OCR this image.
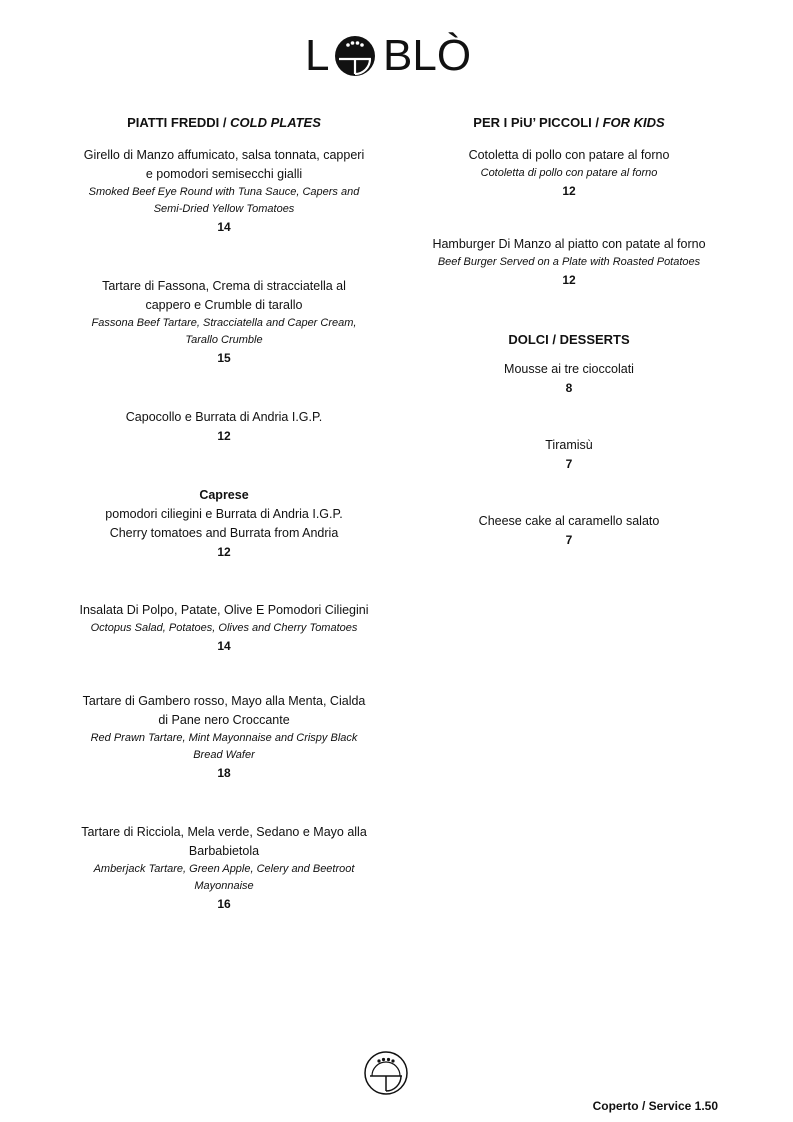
L BLÒ
PIATTI FREDDI / COLD PLATES
Girello di Manzo affumicato, salsa tonnata, capperi
e pomodori semisecchi gialli
Smoked Beef Eye Round with Tuna Sauce, Capers and
Semi-Dried Yellow Tomatoes
14
Tartare di Fassona, Crema di stracciatella al
cappero e Crumble di tarallo
Fassona Beef Tartare, Stracciatella and Caper Cream,
Tarallo Crumble
15
Capocollo e Burrata di Andria I.G.P.
12
Caprese
pomodori ciliegini e Burrata di Andria I.G.P.
Cherry tomatoes and Burrata from Andria
12
Insalata Di Polpo, Patate, Olive E Pomodori Ciliegini
Octopus Salad, Potatoes, Olives and Cherry Tomatoes
14
Tartare di Gambero rosso, Mayo alla Menta, Cialda
di Pane nero Croccante
Red Prawn Tartare, Mint Mayonnaise and Crispy Black
Bread Wafer
18
Tartare di Ricciola, Mela verde, Sedano e Mayo alla
Barbabietola
Amberjack Tartare, Green Apple, Celery and Beetroot
Mayonnaise
16
PER I PiU’ PICCOLI / FOR KIDS
Cotoletta di pollo con patare al forno
Cotoletta di pollo con patare al forno
12
Hamburger Di Manzo al piatto con patate al forno
Beef Burger Served on a Plate with Roasted Potatoes
12
DOLCI / DESSERTS
Mousse ai tre cioccolati
8
Tiramisù
7
Cheese cake al caramello salato
7
Coperto / Service 1.50
